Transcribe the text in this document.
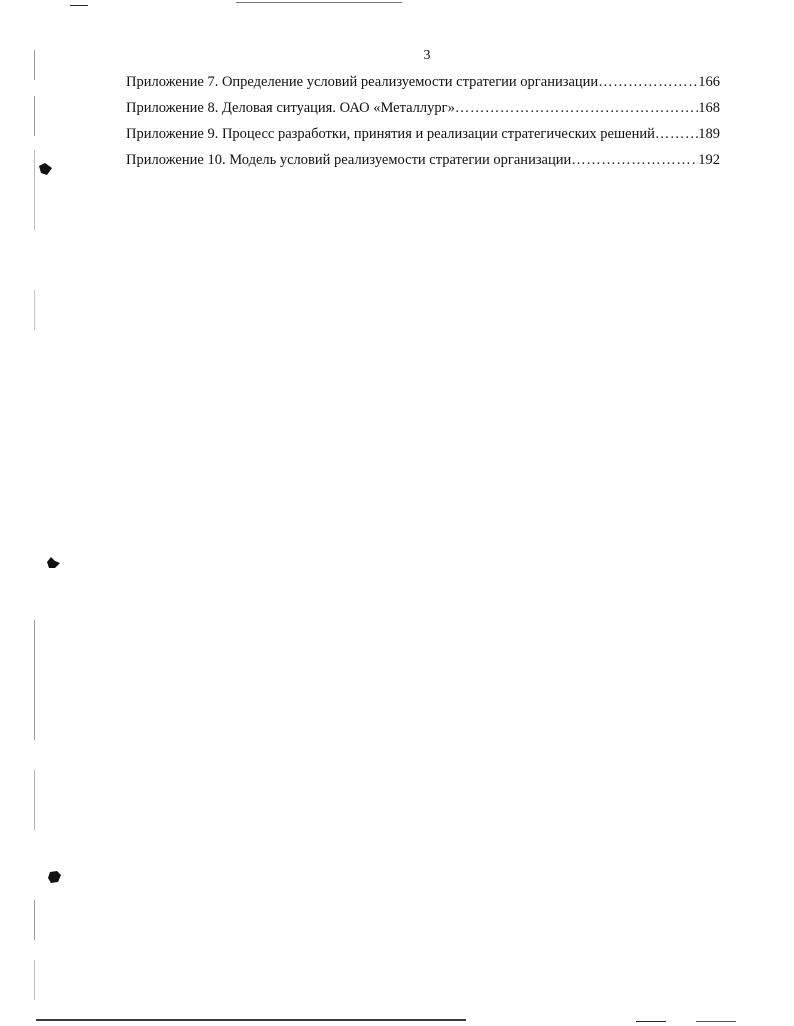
3
Приложение 7. Определение условий реализуемости стратегии организации ……………………………………………………………………………………………………………	166
Приложение 8. Деловая ситуация. ОАО «Металлург» ……………………………………………………………………………………………………………	168
Приложение 9. Процесс разработки, принятия и реализации стратегических решений ……………………………………………………………………………………………………………	189
Приложение 10. Модель условий реализуемости стратегии организации ……………………………………………………………………………………………………………	192
